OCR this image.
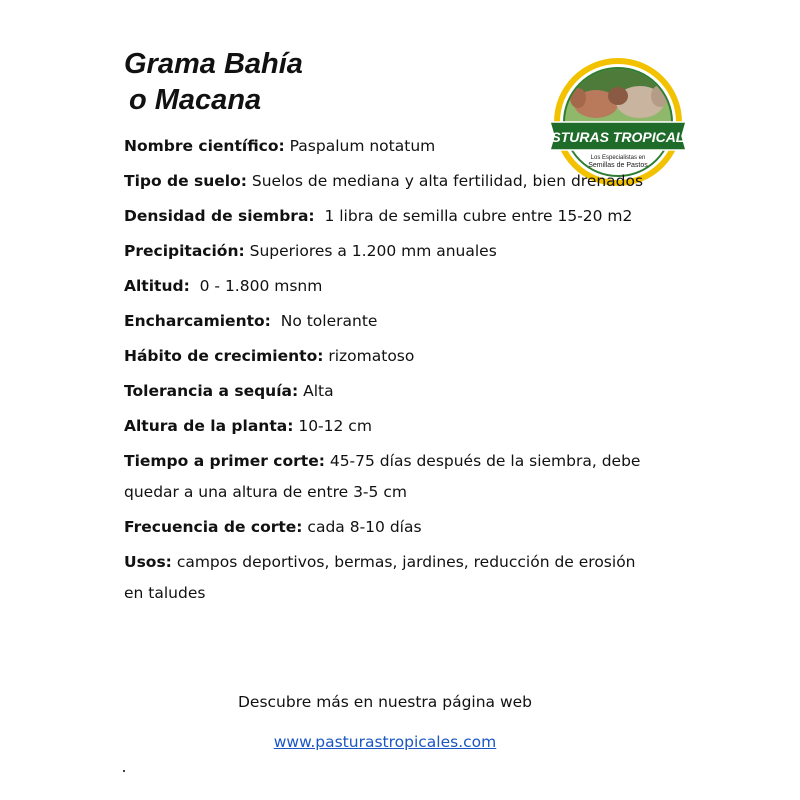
Grama Bahía
o Macana
PASTURAS TROPICALES
Los Especialistas en
Semillas de Pastos
Nombre científico: Paspalum notatum
Tipo de suelo: Suelos de mediana y alta fertilidad, bien drenados
Densidad de siembra:  1 libra de semilla cubre entre 15-20 m2
Precipitación: Superiores a 1.200 mm anuales
Altitud:  0 - 1.800 msnm
Encharcamiento:  No tolerante
Hábito de crecimiento: rizomatoso
Tolerancia a sequía: Alta
Altura de la planta: 10-12 cm
Tiempo a primer corte: 45-75 días después de la siembra, debe quedar a una altura de entre 3-5 cm
Frecuencia de corte: cada 8-10 días
Usos: campos deportivos, bermas, jardines, reducción de erosión en taludes
Descubre más en nuestra página web
www.pasturastropicales.com
